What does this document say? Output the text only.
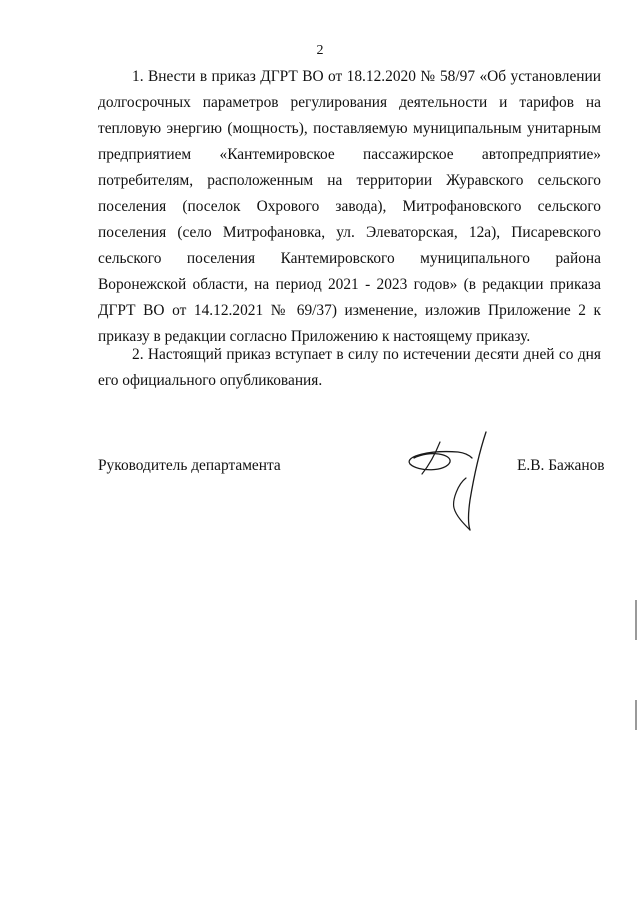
2
1. Внести в приказ ДГРТ ВО от 18.12.2020 № 58/97 «Об установлении долгосрочных параметров регулирования деятельности и тарифов на тепловую энергию (мощность), поставляемую муниципальным унитарным предприятием «Кантемировское пассажирское автопредприятие» потребителям, расположенным на территории Журавского сельского поселения (поселок Охрового завода), Митрофановского сельского поселения (село Митрофановка, ул. Элеваторская, 12а), Писаревского сельского поселения Кантемировского муниципального района Воронежской области, на период 2021 - 2023 годов» (в редакции приказа ДГРТ ВО от 14.12.2021 № 69/37) изменение, изложив Приложение 2 к приказу в редакции согласно Приложению к настоящему приказу.
2. Настоящий приказ вступает в силу по истечении десяти дней со дня его официального опубликования.
Руководитель департамента	Е.В. Бажанов
